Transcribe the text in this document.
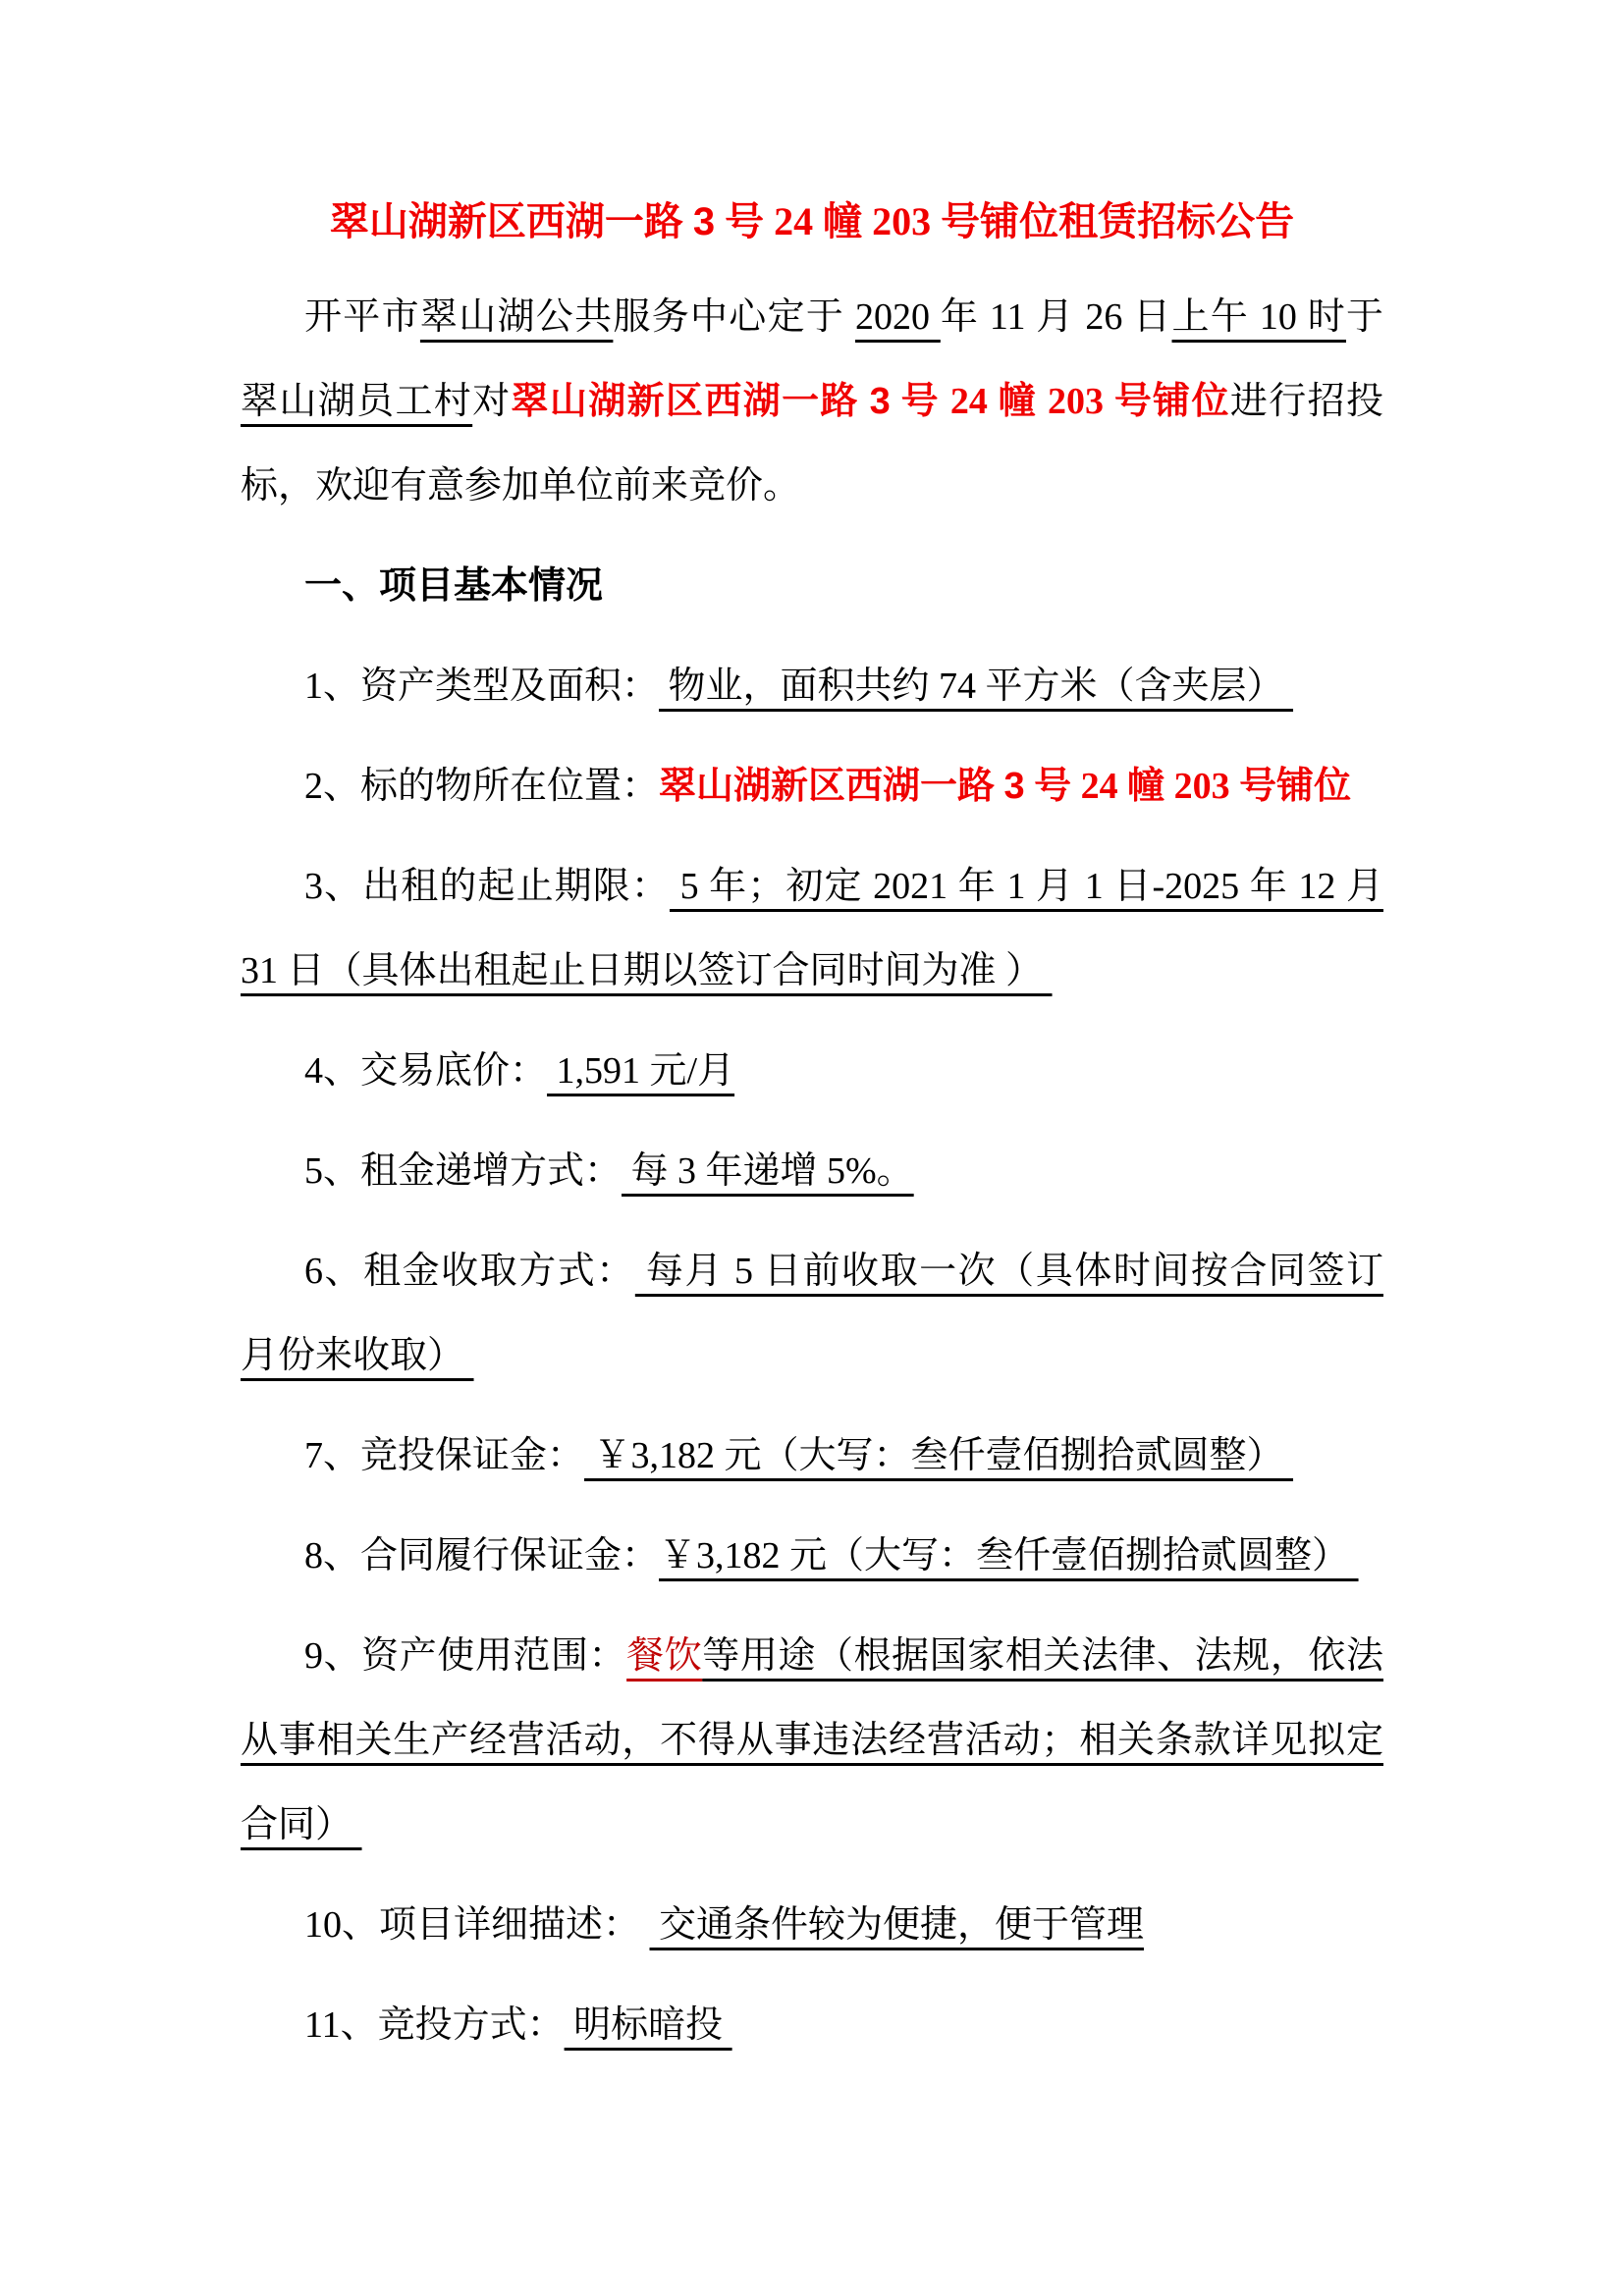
翠山湖新区西湖一路 3 号 24 幢 203 号铺位租赁招标公告
开平市翠山湖公共服务中心定于 2020 年 11 月 26 日上午 10 时于
翠山湖员工村对翠山湖新区西湖一路 3 号 24 幢 203 号铺位进行招投
标，欢迎有意参加单位前来竞价。
一、项目基本情况
1、资产类型及面积： 物业，面积共约 74 平方米（含夹层）
2、标的物所在位置：翠山湖新区西湖一路 3 号 24 幢 203 号铺位
3、出租的起止期限： 5 年；初定 2021 年 1 月 1 日-2025 年 12 月
31 日（具体出租起止日期以签订合同时间为准 ）
4、交易底价： 1,591 元/月
5、租金递增方式： 每 3 年递增 5%。
6、租金收取方式： 每月 5 日前收取一次（具体时间按合同签订
月份来收取）
7、竞投保证金： ￥3,182 元（大写：叁仟壹佰捌拾贰圆整）
8、合同履行保证金：￥3,182 元（大写：叁仟壹佰捌拾贰圆整）
9、资产使用范围：餐饮等用途（根据国家相关法律、法规，依法
从事相关生产经营活动，不得从事违法经营活动；相关条款详见拟定
合同）
10、项目详细描述：  交通条件较为便捷，便于管理
11、竞投方式： 明标暗投
